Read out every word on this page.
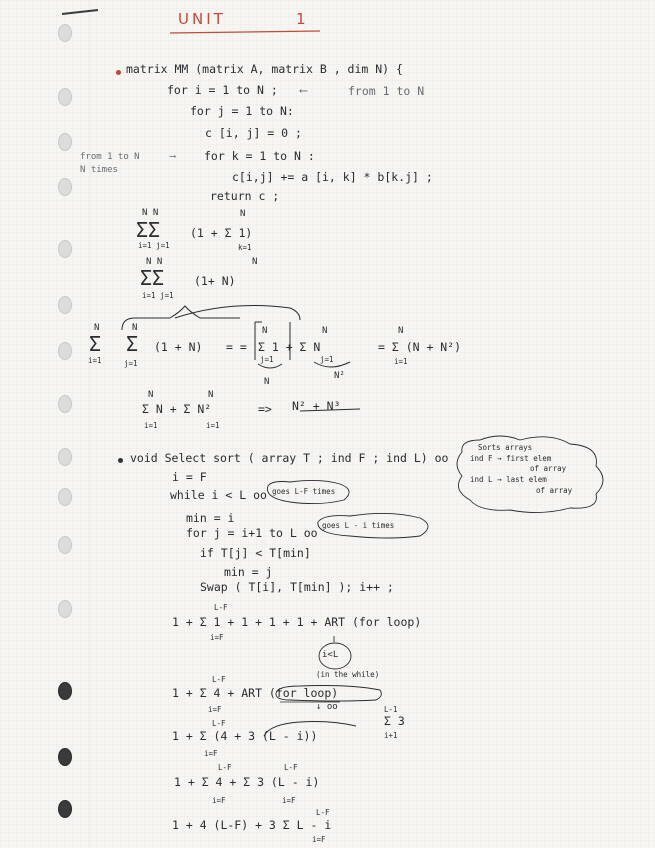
UNIT	1
matrix MM (matrix A, matrix B , dim N) {
for i = 1 to N ; ⟵	from 1 to N
for j = 1 to N:
c [i, j] = 0 ;
from 1 to N	⟶
N times
for k = 1 to N :
c[i,j] += a [i, k] * b[k.j] ;
return c ;
N N
ΣΣ
i=1 j=1
(1 + Σ 1)
k=1
N
N N	N
ΣΣ
i=1 j=1
(1+ N)
N	N
Σ Σ
i=1	j=1
(1 + N) = =
N	N
Σ 1 + Σ N
j=1	j=1
N
N²
N
= Σ (N + N²)
i=1
N	N
Σ N + Σ N²
i=1	i=1
=> N² + N³
void Select sort ( array T ; ind F ; ind L) oo
Sorts arrays
ind F → first elem
of array
ind L → last elem
of array
i = F
while i < L oo goes L-F times
min = i
for j = i+1 to L oo
goes L - i times
if T[j] < T[min]
min = j
Swap ( T[i], T[min] ); i++ ;
L-F
1 + Σ 1 + 1 + 1 + 1 + ART (for loop)
i=F
i<L
(in the while)
L-F
1 + Σ 4 + ART (for loop)
i=F	↓ oo	L-1
Σ 3
i+1
L-F
1 + Σ (4 + 3 (L - i))
i=F
L-F	L-F
1 + Σ 4 + Σ 3 (L - i)
i=F	i=F
L-F
1 + 4 (L-F) + 3 Σ L - i
i=F
